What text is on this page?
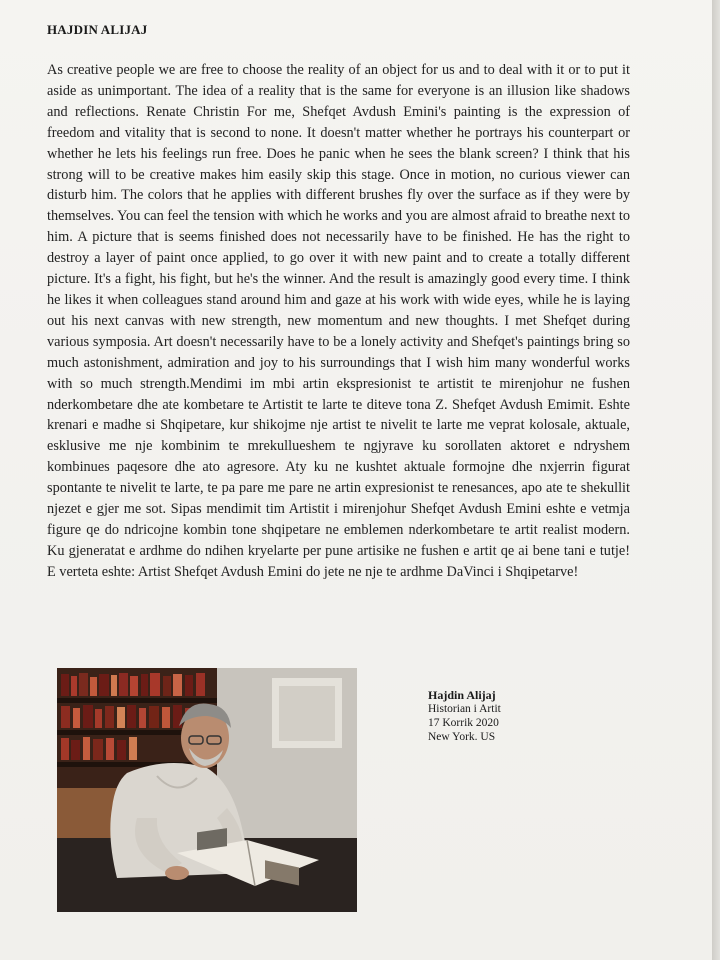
HAJDIN ALIJAJ
As creative people we are free to choose the reality of an object for us and to deal with it or to put it aside as unimportant. The idea of a reality that is the same for everyone is an illusion like shadows and reflections. Renate Christin For me, Shefqet Avdush Emini's painting is the expression of freedom and vitality that is second to none. It doesn't matter whether he portrays his counterpart or whether he lets his feelings run free. Does he panic when he sees the blank screen? I think that his strong will to be creative makes him easily skip this stage. Once in motion, no curious viewer can disturb him. The colors that he applies with different brushes fly over the surface as if they were by themselves. You can feel the tension with which he works and you are almost afraid to breathe next to him. A picture that is seems finished does not necessarily have to be finished. He has the right to destroy a layer of paint once applied, to go over it with new paint and to create a totally different picture. It's a fight, his fight, but he's the winner. And the result is amazingly good every time. I think he likes it when colleagues stand around him and gaze at his work with wide eyes, while he is laying out his next canvas with new strength, new momentum and new thoughts. I met Shefqet during various symposia. Art doesn't necessarily have to be a lonely activity and Shefqet's paintings bring so much astonishment, admiration and joy to his surroundings that I wish him many wonderful works with so much strength.Mendimi im mbi artin ekspresionist te artistit te mirenjohur ne fushen nderkombetare dhe ate kombetare te Artistit te larte te diteve tona Z. Shefqet Avdush Emimit. Eshte krenari e madhe si Shqipetare, kur shikojme nje artist te nivelit te larte me veprat kolosale, aktuale, esklusive me nje kombinim te mrekullueshem te ngjyrave ku sorollaten aktoret e ndryshem kombinues paqesore dhe ato agresore. Aty ku ne kushtet aktuale formojne dhe nxjerrin figurat spontante te nivelit te larte, te pa pare me pare ne artin expresionist te renesances, apo ate te shekullit njezet e gjer me sot. Sipas mendimit tim Artistit i mirenjohur Shefqet Avdush Emini eshte e vetmja figure qe do ndricojne kombin tone shqipetare ne emblemen nderkombetare te artit realist modern. Ku gjeneratat e ardhme do ndihen kryelarte per pune artisike ne fushen e artit qe ai bene tani e tutje! E verteta eshte: Artist Shefqet Avdush Emini do jete ne nje te ardhme DaVinci i Shqipetarve!
Hajdin Alijaj
Historian i Artit
17 Korrik 2020
New York. US
